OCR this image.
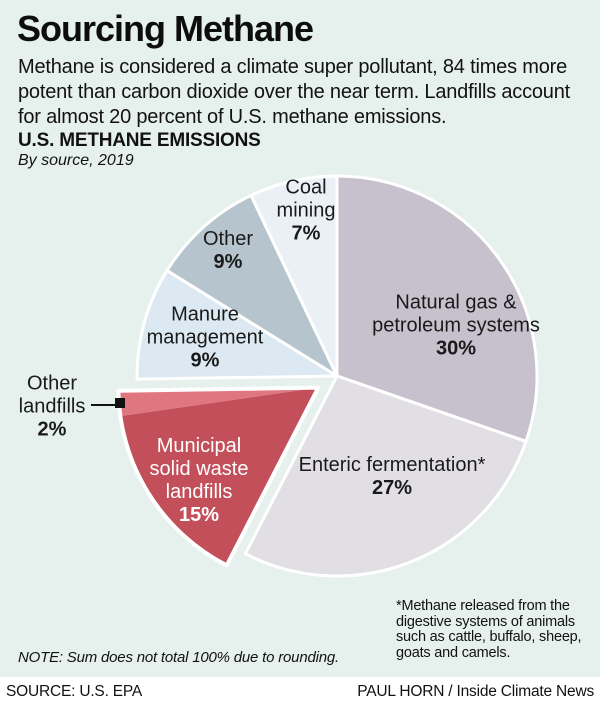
Sourcing Methane
Methane is considered a climate super pollutant, 84 times more
potent than carbon dioxide over the near term. Landfills account
for almost 20 percent of U.S. methane emissions.
U.S. METHANE EMISSIONS
By source, 2019
Natural gas &
petroleum systems
30%
Enteric fermentation*
27%
Municipal
solid waste
landfills
15%
Other
landfills
2%
Manure
management
9%
Other
9%
Coal
mining
7%
NOTE: Sum does not total 100% due to rounding.
*Methane released from the
digestive systems of animals
such as cattle, buffalo, sheep,
goats and camels.
SOURCE: U.S. EPA	PAUL HORN / Inside Climate News
